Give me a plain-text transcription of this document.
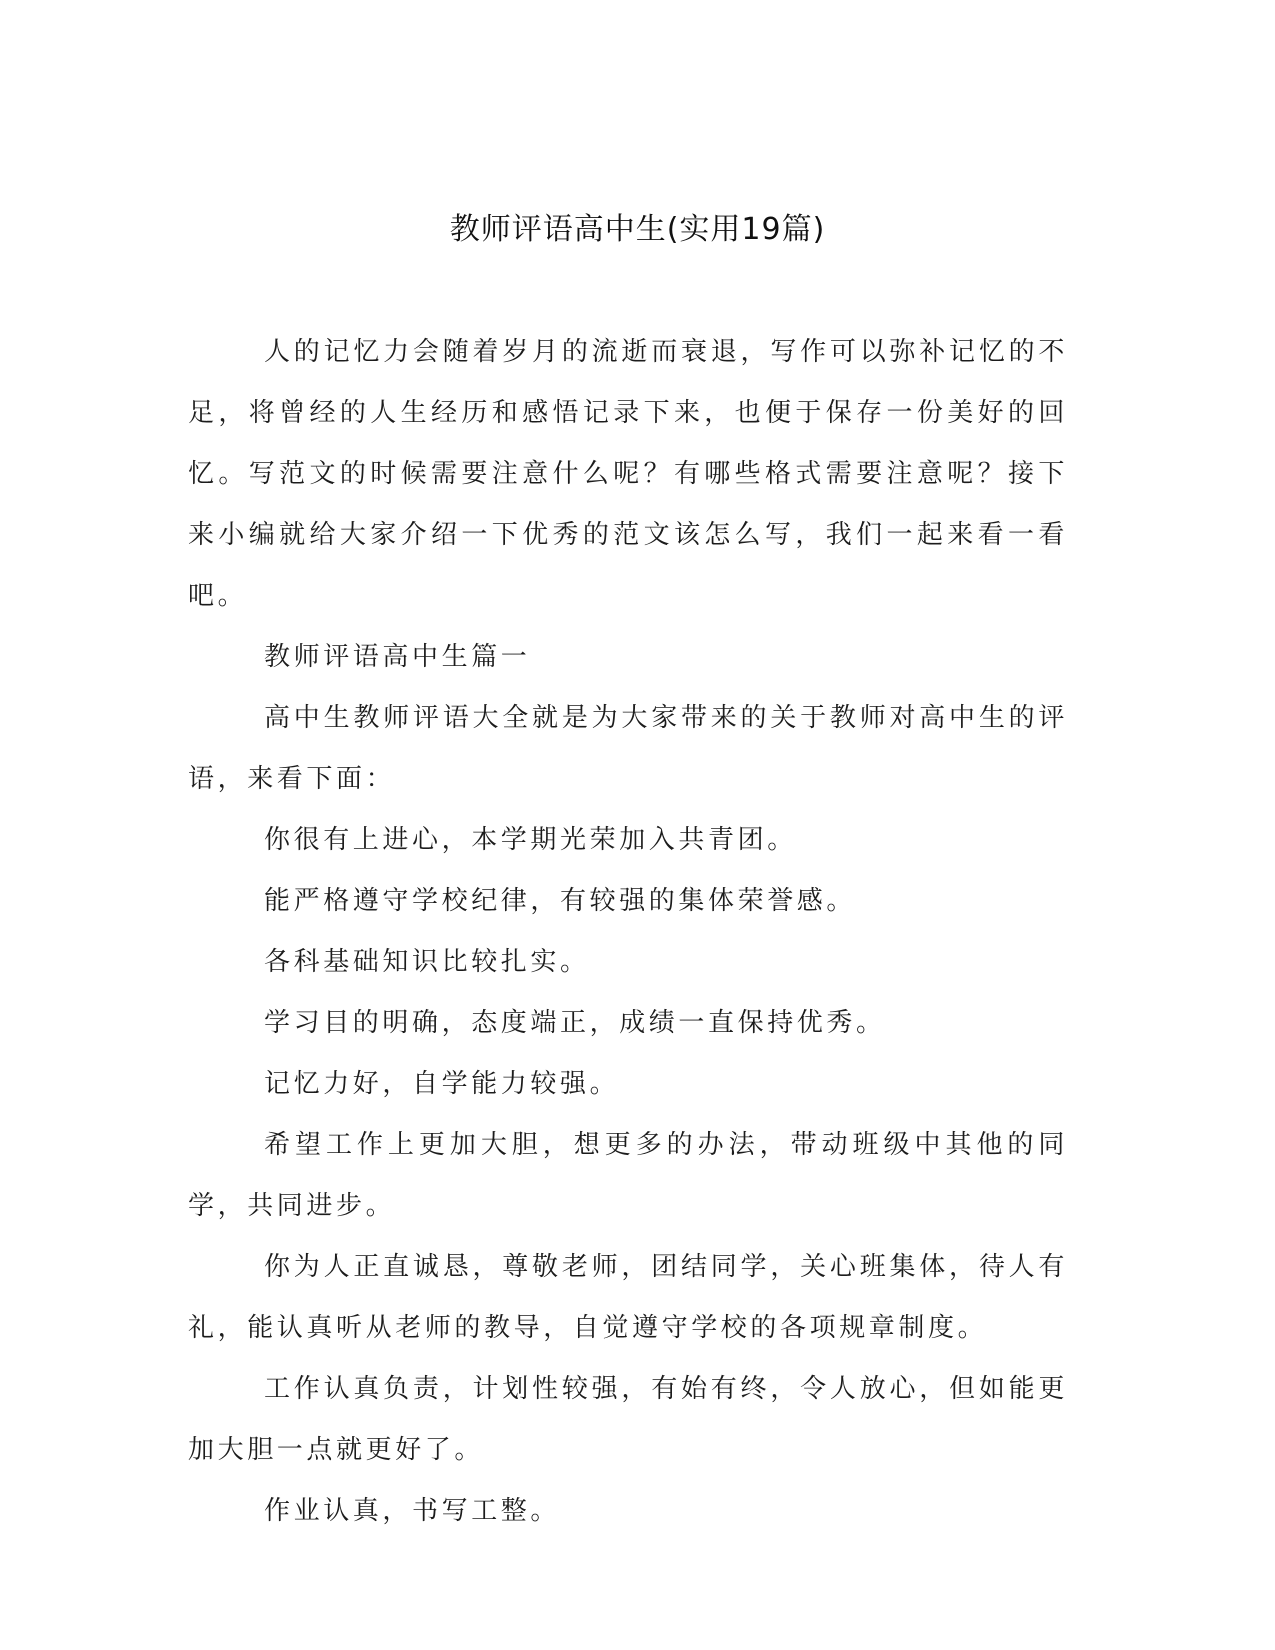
教师评语高中生(实用19篇)

人的记忆力会随着岁月的流逝而衰退，写作可以弥补记忆的不足，将曾经的人生经历和感悟记录下来，也便于保存一份美好的回忆。写范文的时候需要注意什么呢？有哪些格式需要注意呢？接下来小编就给大家介绍一下优秀的范文该怎么写，我们一起来看一看吧。

教师评语高中生篇一

高中生教师评语大全就是为大家带来的关于教师对高中生的评语，来看下面：

你很有上进心，本学期光荣加入共青团。

能严格遵守学校纪律，有较强的集体荣誉感。

各科基础知识比较扎实。

学习目的明确，态度端正，成绩一直保持优秀。

记忆力好，自学能力较强。

希望工作上更加大胆，想更多的办法，带动班级中其他的同学，共同进步。

你为人正直诚恳，尊敬老师，团结同学，关心班集体，待人有礼，能认真听从老师的教导，自觉遵守学校的各项规章制度。

工作认真负责，计划性较强，有始有终，令人放心，但如能更加大胆一点就更好了。

作业认真，书写工整。
